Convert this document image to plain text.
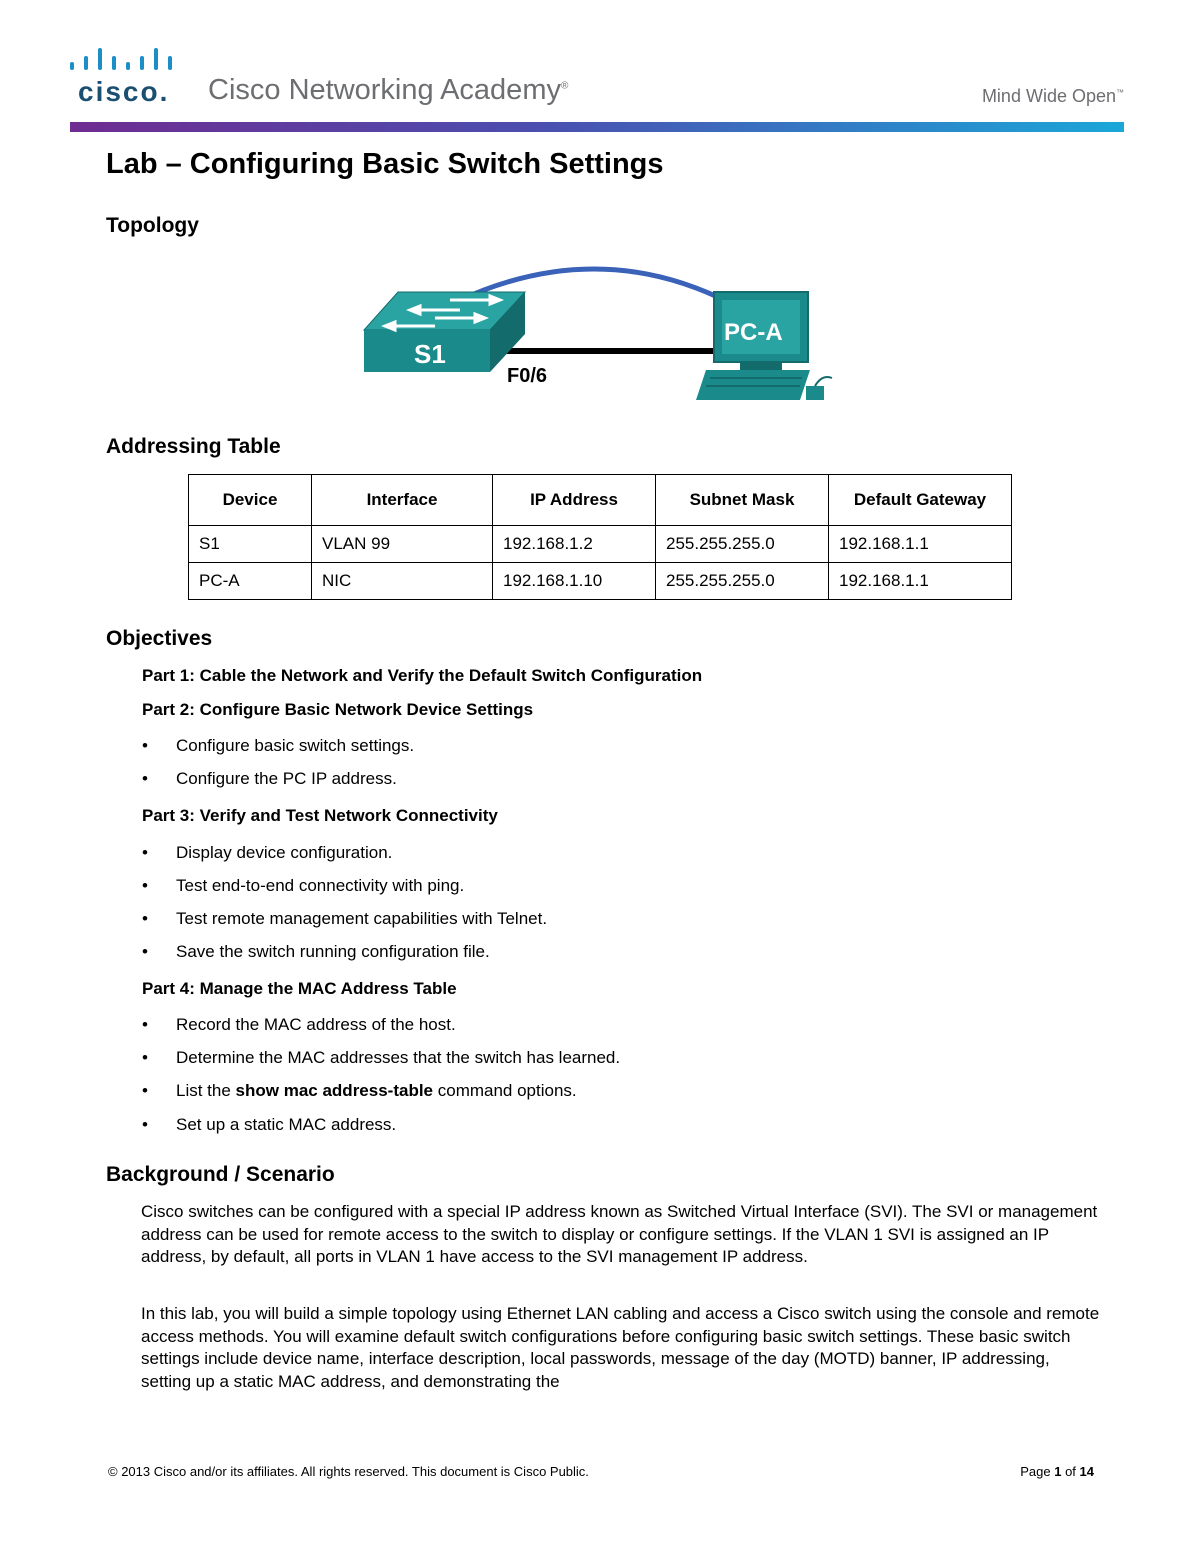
cisco. Cisco Networking Academy®
Mind Wide Open™
Lab – Configuring Basic Switch Settings
Topology
S1
F0/6
PC-A
Addressing Table
Device	Interface	IP Address	Subnet Mask	Default Gateway
S1	VLAN 99	192.168.1.2	255.255.255.0	192.168.1.1
PC-A	NIC	192.168.1.10	255.255.255.0	192.168.1.1
Objectives
Part 1: Cable the Network and Verify the Default Switch Configuration
Part 2: Configure Basic Network Device Settings
• Configure basic switch settings.
• Configure the PC IP address.
Part 3: Verify and Test Network Connectivity
• Display device configuration.
• Test end-to-end connectivity with ping.
• Test remote management capabilities with Telnet.
• Save the switch running configuration file.
Part 4: Manage the MAC Address Table
• Record the MAC address of the host.
• Determine the MAC addresses that the switch has learned.
• List the show mac address-table command options.
• Set up a static MAC address.
Background / Scenario
Cisco switches can be configured with a special IP address known as Switched Virtual Interface (SVI). The SVI or management address can be used for remote access to the switch to display or configure settings. If the VLAN 1 SVI is assigned an IP address, by default, all ports in VLAN 1 have access to the SVI management IP address.
In this lab, you will build a simple topology using Ethernet LAN cabling and access a Cisco switch using the console and remote access methods. You will examine default switch configurations before configuring basic switch settings. These basic switch settings include device name, interface description, local passwords, message of the day (MOTD) banner, IP addressing, setting up a static MAC address, and demonstrating the
© 2013 Cisco and/or its affiliates. All rights reserved. This document is Cisco Public.	Page 1 of 14
